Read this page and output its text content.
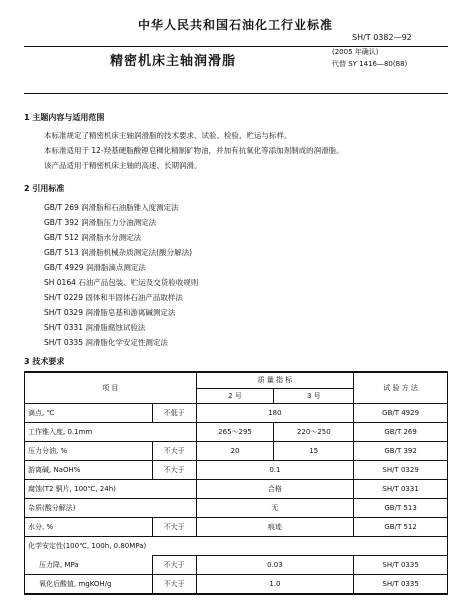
中华人民共和国石油化工行业标准
SH/T 0382—92
(2005 年确认)
代替 SY 1416—80(88)
精密机床主轴润滑脂
1 主题内容与适用范围
本标准规定了精密机床主轴润滑脂的技术要求、试验、检验、贮运与标样。
本标准适用于 12-羟基硬脂酸锂皂稠化精制矿物油，并加有抗氧化等添加剂制成的润滑脂。
该产品适用于精密机床主轴的高速、长期润滑。
2 引用标准
GB/T 269 润滑脂和石油脂锥入度测定法
GB/T 392 润滑脂压力分油测定法
GB/T 512 润滑脂水分测定法
GB/T 513 润滑脂机械杂质测定法(酸分解法)
GB/T 4929 润滑脂滴点测定法
SH 0164 石油产品包装、贮运及交货验收规则
SH/T 0229 固体和半固体石油产品取样法
SH/T 0329 润滑脂皂基和游离碱测定法
SH/T 0331 润滑脂腐蚀试验法
SH/T 0335 润滑脂化学安定性测定法
3 技术要求
项 目		质 量 指 标		试 验 方 法
		2 号	3 号	
滴点, ℃	不低于	180		GB/T 4929
工作锥入度, 0.1mm		265～295	220～250	GB/T 269
压力分油, %	不大于	20	15	GB/T 392
游离碱, NaOH%	不大于	0.1		SH/T 0329
腐蚀(T2 铜片, 100℃, 24h)		合格		SH/T 0331
杂质(酸分解法)		无		GB/T 513
水分, %	不大于	痕迹		GB/T 512
化学安定性(100℃, 100h, 0.80MPa)				
压力降, MPa	不大于	0.03		SH/T 0335
氧化后酸值, mgKOH/g	不大于	1.0		SH/T 0335
